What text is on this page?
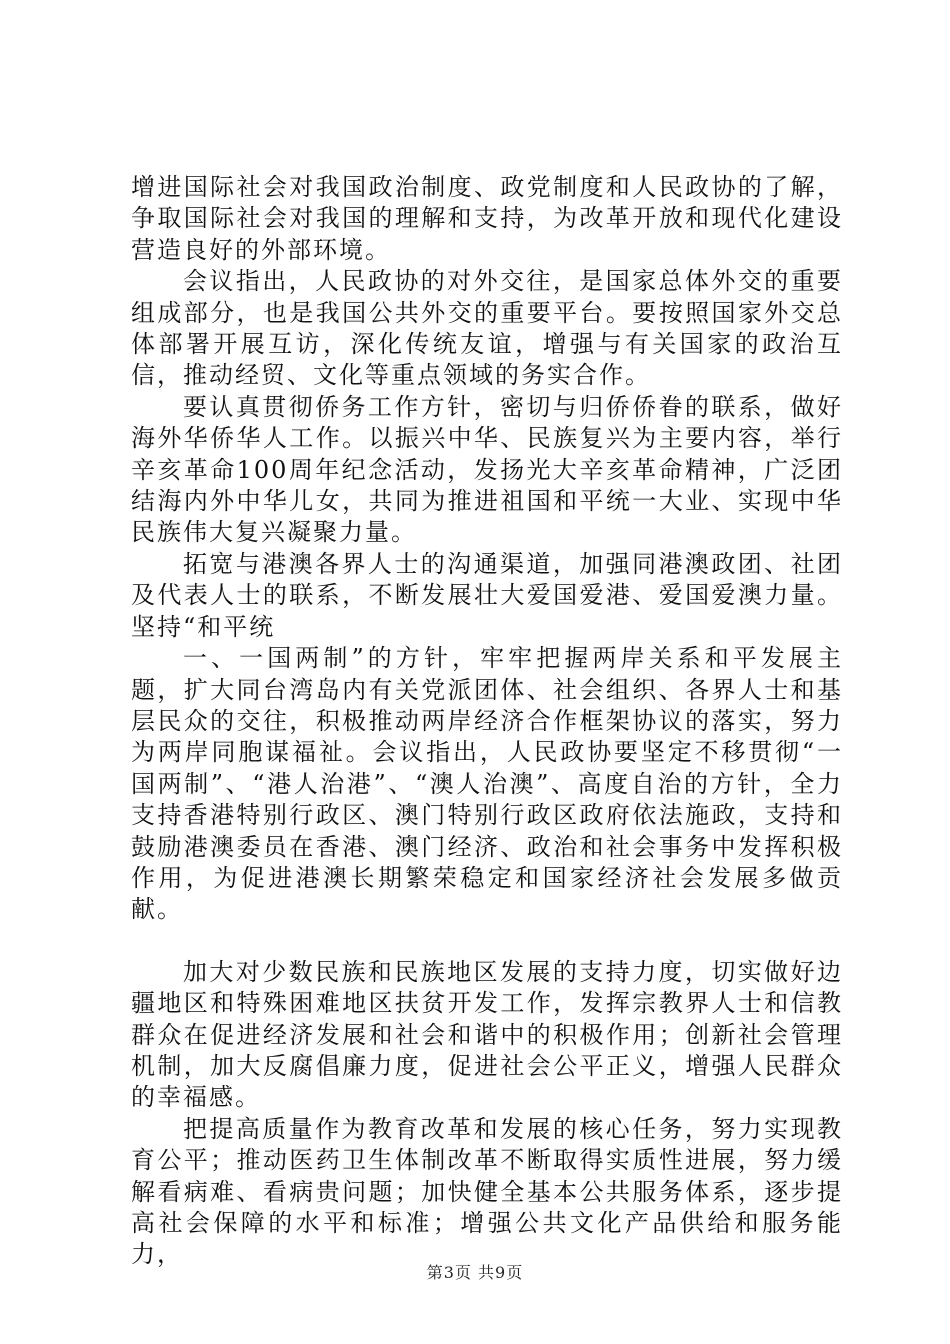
增进国际社会对我国政治制度、政党制度和人民政协的了解，争取国际社会对我国的理解和支持，为改革开放和现代化建设营造良好的外部环境。

会议指出，人民政协的对外交往，是国家总体外交的重要组成部分，也是我国公共外交的重要平台。要按照国家外交总体部署开展互访，深化传统友谊，增强与有关国家的政治互信，推动经贸、文化等重点领域的务实合作。

要认真贯彻侨务工作方针，密切与归侨侨眷的联系，做好海外华侨华人工作。以振兴中华、民族复兴为主要内容，举行辛亥革命100周年纪念活动，发扬光大辛亥革命精神，广泛团结海内外中华儿女，共同为推进祖国和平统一大业、实现中华民族伟大复兴凝聚力量。

拓宽与港澳各界人士的沟通渠道，加强同港澳政团、社团及代表人士的联系，不断发展壮大爱国爱港、爱国爱澳力量。坚持“和平统

一、一国两制”的方针，牢牢把握两岸关系和平发展主题，扩大同台湾岛内有关党派团体、社会组织、各界人士和基层民众的交往，积极推动两岸经济合作框架协议的落实，努力为两岸同胞谋福祉。会议指出，人民政协要坚定不移贯彻“一国两制”、“港人治港”、“澳人治澳”、高度自治的方针，全力支持香港特别行政区、澳门特别行政区政府依法施政，支持和鼓励港澳委员在香港、澳门经济、政治和社会事务中发挥积极作用，为促进港澳长期繁荣稳定和国家经济社会发展多做贡献。

加大对少数民族和民族地区发展的支持力度，切实做好边疆地区和特殊困难地区扶贫开发工作，发挥宗教界人士和信教群众在促进经济发展和社会和谐中的积极作用；创新社会管理机制，加大反腐倡廉力度，促进社会公平正义，增强人民群众的幸福感。

把提高质量作为教育改革和发展的核心任务，努力实现教育公平；推动医药卫生体制改革不断取得实质性进展，努力缓解看病难、看病贵问题；加快健全基本公共服务体系，逐步提高社会保障的水平和标准；增强公共文化产品供给和服务能力，

第3页 共9页
